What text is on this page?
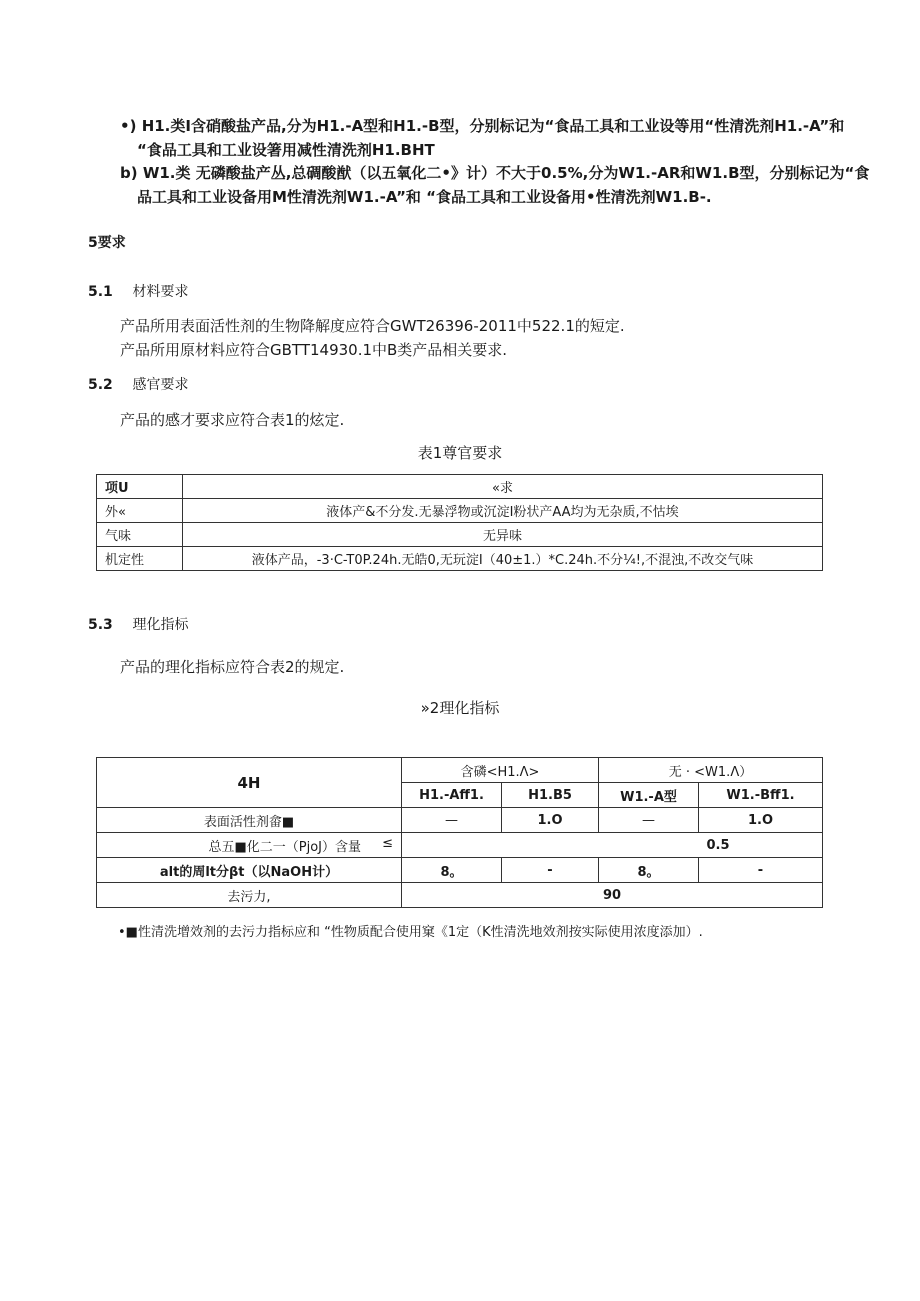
•) H1.类I含硝酸盐产品,分为H1.-A型和H1.-B型，分别标记为“食品工具和工业设等用“性清洗剂H1.-A”和
“食品工具和工业设箸用减性清洗剂H1.BHT
b) W1.类 无磷酸盐产丛,总碉酸猷（以五氧化二•》计）不大于0.5%,分为W1.-AR和W1.B型，分别标记为“食
品工具和工业设备用M性清洗剂W1.-A”和 “食品工具和工业设备用•性清洗剂W1.B-.
5要求
5.1 材料要求
产品所用表面活性剂的生物降解度应符合GWT26396-2011中522.1的短定.
产品所用原材料应符合GBTT14930.1中B类产品相关要求.
5.2 感官要求
产品的感才要求应符合表1的炫定.
表1尊官要求
项U	«求
外«	液体产&不分发.无暴浮物或沉淀I粉状产AA均为无杂质,不怙埃
气味	无异味
机定性	液体产品，-3·C-T0P.24h.无皓0,无玩淀I（40±1.）*C.24h.不分¼!,不混浊,不改交气味
5.3 理化指标
产品的理化指标应符合表2的规定.
»2理化指标
4H	含磷<H1.Λ>		无 · <W1.Λ）	
	H1.-Aff1.	H1.B5	W1.-A型	W1.-Bff1.
表面活性剂畲■	—	1.O	—	1.O
总五■化二一（PjoJ）含量 ≤	0.5			
alt的周lt分βt（以NaOH计）	8。	-	8。	-
去污力,	90			
•■性清洗增效剂的去污力指标应和 “性物质配合使用窠《1定（K性清洗地效剂按实际使用浓度添加）.
